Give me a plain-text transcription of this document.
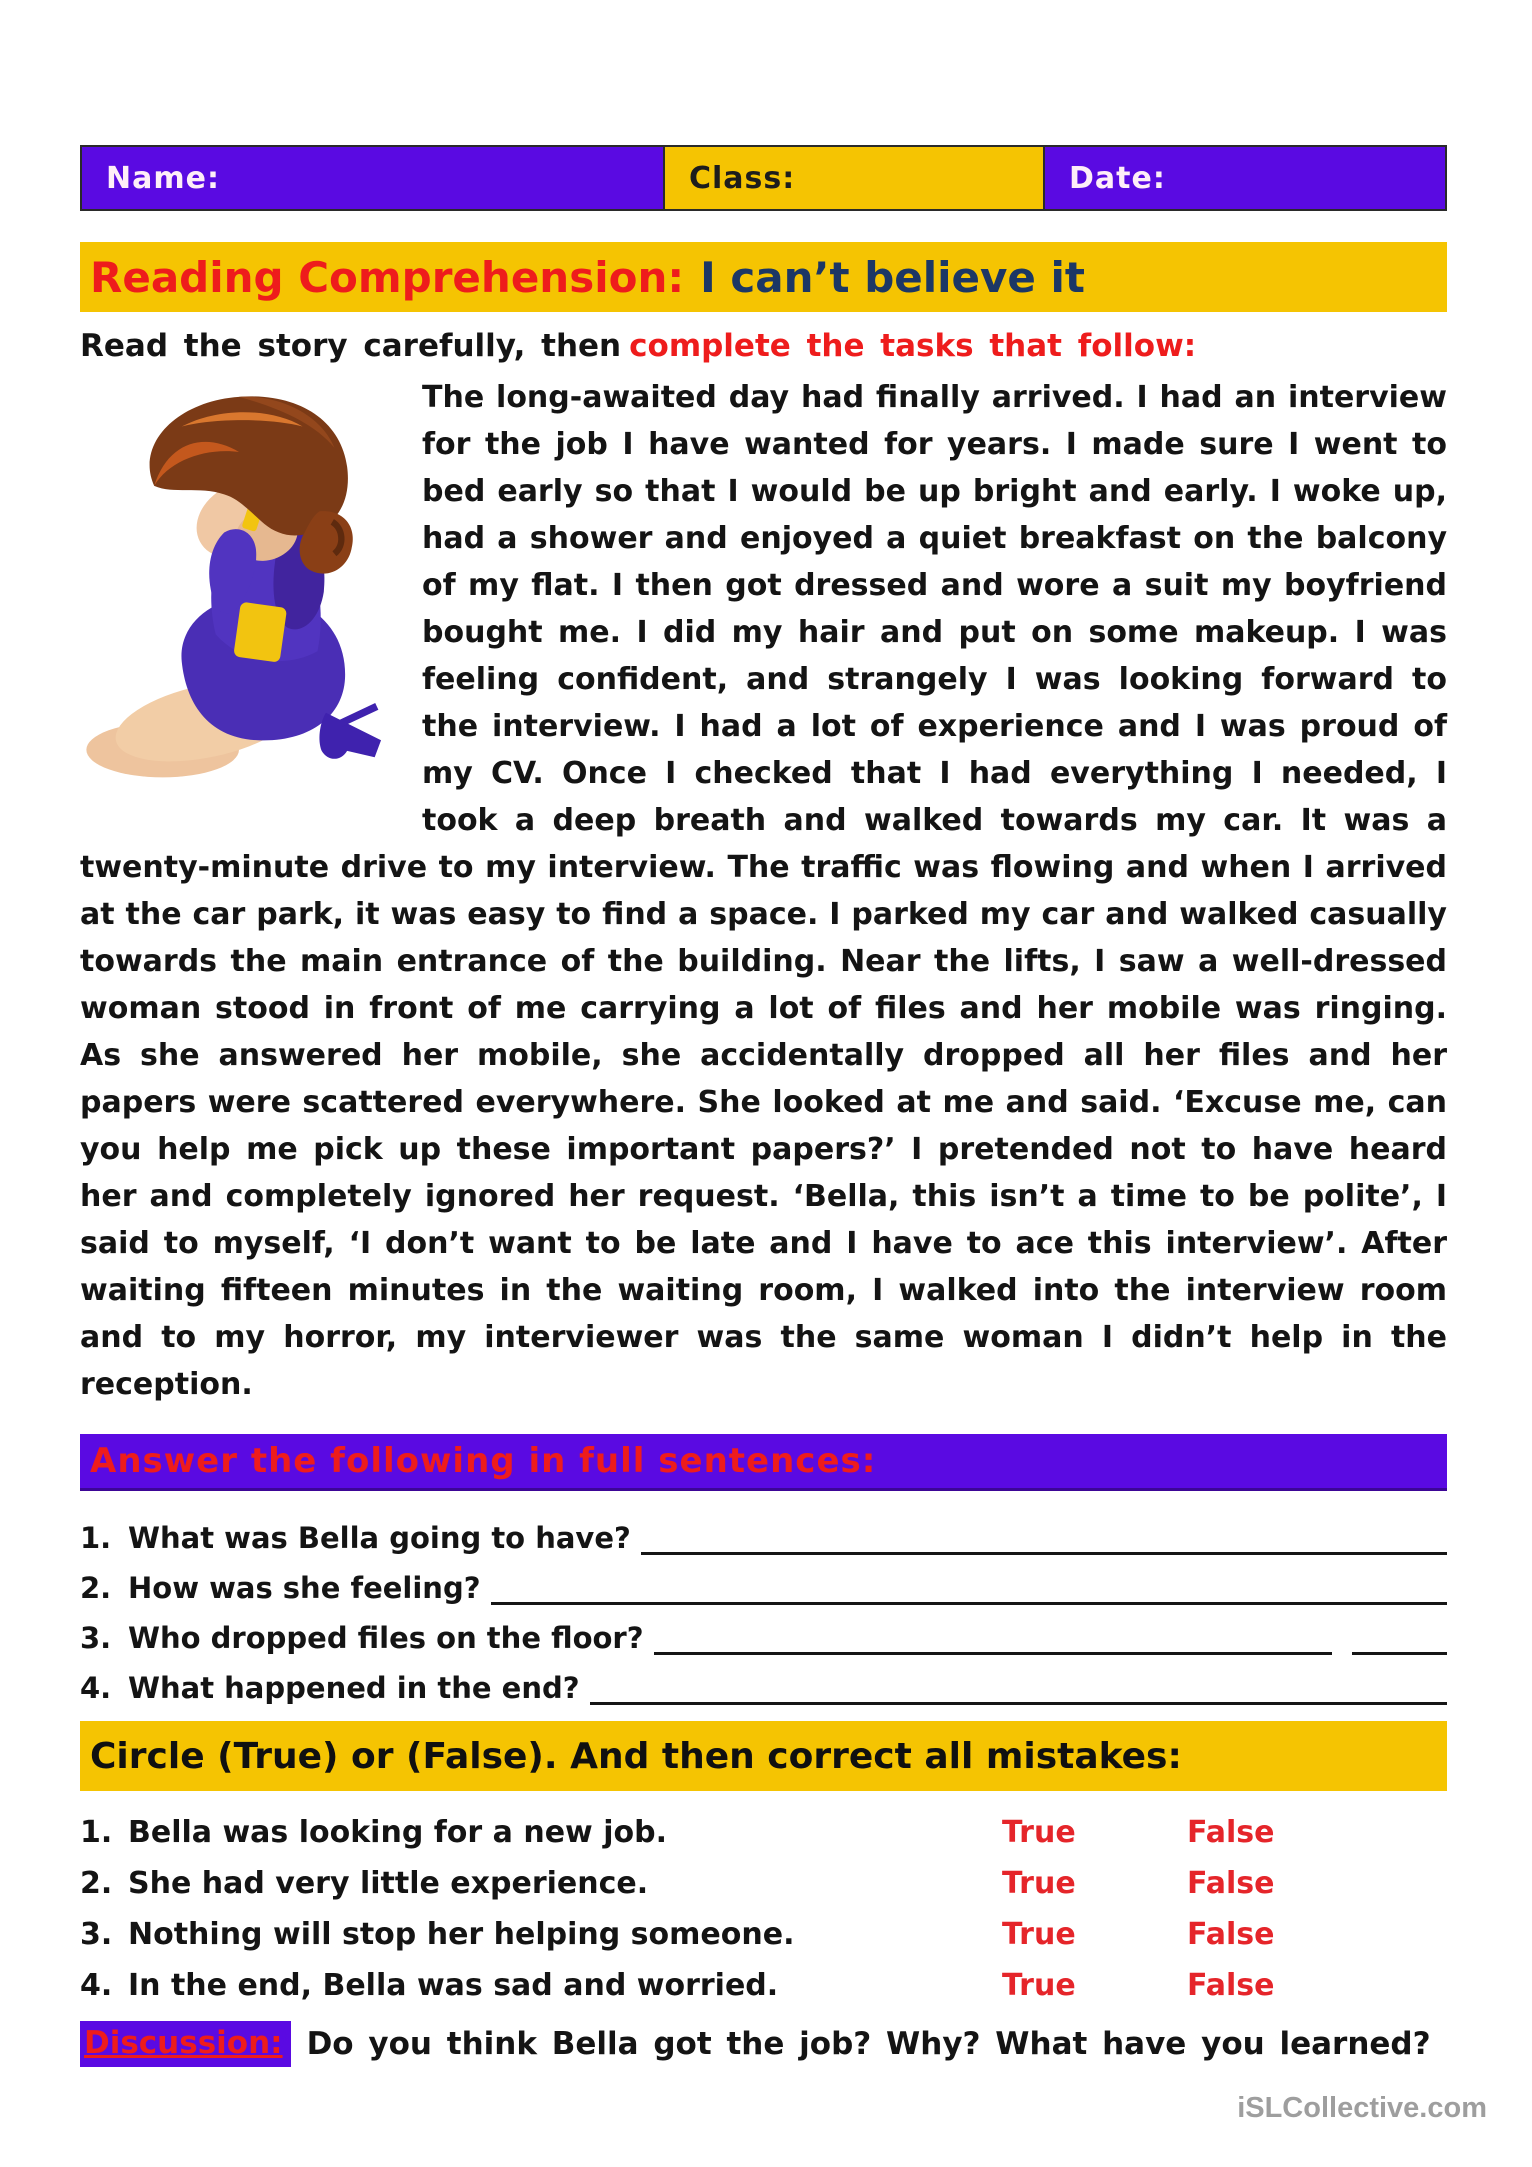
Name:	Class:	Date:
Reading Comprehension: I can’t believe it
Read the story carefully, then complete the tasks that follow:
The long-awaited day had finally arrived. I had an interview for the job I have wanted for years. I made sure I went to bed early so that I would be up bright and early. I woke up, had a shower and enjoyed a quiet breakfast on the balcony of my flat. I then got dressed and wore a suit my boyfriend bought me. I did my hair and put on some makeup. I was feeling confident, and strangely I was looking forward to the interview. I had a lot of experience and I was proud of my CV. Once I checked that I had everything I needed, I took a deep breath and walked towards my car. It was a twenty-minute drive to my interview. The traffic was flowing and when I arrived at the car park, it was easy to find a space. I parked my car and walked casually towards the main entrance of the building. Near the lifts, I saw a well-dressed woman stood in front of me carrying a lot of files and her mobile was ringing. As she answered her mobile, she accidentally dropped all her files and her papers were scattered everywhere. She looked at me and said. ‘Excuse me, can you help me pick up these important papers?’ I pretended not to have heard her and completely ignored her request. ‘Bella, this isn’t a time to be polite’, I said to myself, ‘I don’t want to be late and I have to ace this interview’. After waiting fifteen minutes in the waiting room, I walked into the interview room and to my horror, my interviewer was the same woman I didn’t help in the reception.
Answer the following in full sentences:
1. What was Bella going to have?
2. How was she feeling?
3. Who dropped files on the floor?
4. What happened in the end?
Circle (True) or (False). And then correct all mistakes:
1. Bella was looking for a new job.	True	False
2. She had very little experience.	True	False
3. Nothing will stop her helping someone.	True	False
4. In the end, Bella was sad and worried.	True	False
Discussion: Do you think Bella got the job? Why? What have you learned?
iSLCollective.com
